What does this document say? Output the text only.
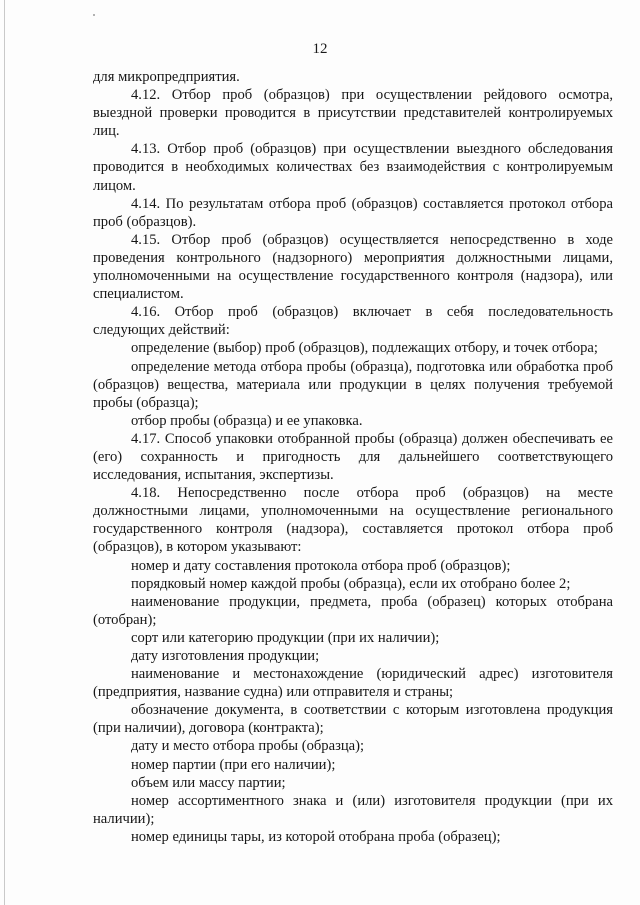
12

для микропредприятия.

4.12. Отбор проб (образцов) при осуществлении рейдового осмотра, выездной проверки проводится в присутствии представителей контролируемых лиц.

4.13. Отбор проб (образцов) при осуществлении выездного обследования проводится в необходимых количествах без взаимодействия с контролируемым лицом.

4.14. По результатам отбора проб (образцов) составляется протокол отбора проб (образцов).

4.15. Отбор проб (образцов) осуществляется непосредственно в ходе проведения контрольного (надзорного) мероприятия должностными лицами, уполномоченными на осуществление государственного контроля (надзора), или специалистом.

4.16. Отбор проб (образцов) включает в себя последовательность следующих действий:

определение (выбор) проб (образцов), подлежащих отбору, и точек отбора;

определение метода отбора пробы (образца), подготовка или обработка проб (образцов) вещества, материала или продукции в целях получения требуемой пробы (образца);

отбор пробы (образца) и ее упаковка.

4.17. Способ упаковки отобранной пробы (образца) должен обеспечивать ее (его) сохранность и пригодность для дальнейшего соответствующего исследования, испытания, экспертизы.

4.18. Непосредственно после отбора проб (образцов) на месте должностными лицами, уполномоченными на осуществление регионального государственного контроля (надзора), составляется протокол отбора проб (образцов), в котором указывают:

номер и дату составления протокола отбора проб (образцов);

порядковый номер каждой пробы (образца), если их отобрано более 2;

наименование продукции, предмета, проба (образец) которых отобрана (отобран);

сорт или категорию продукции (при их наличии);

дату изготовления продукции;

наименование и местонахождение (юридический адрес) изготовителя (предприятия, название судна) или отправителя и страны;

обозначение документа, в соответствии с которым изготовлена продукция (при наличии), договора (контракта);

дату и место отбора пробы (образца);

номер партии (при его наличии);

объем или массу партии;

номер ассортиментного знака и (или) изготовителя продукции (при их наличии);

номер единицы тары, из которой отобрана проба (образец);
